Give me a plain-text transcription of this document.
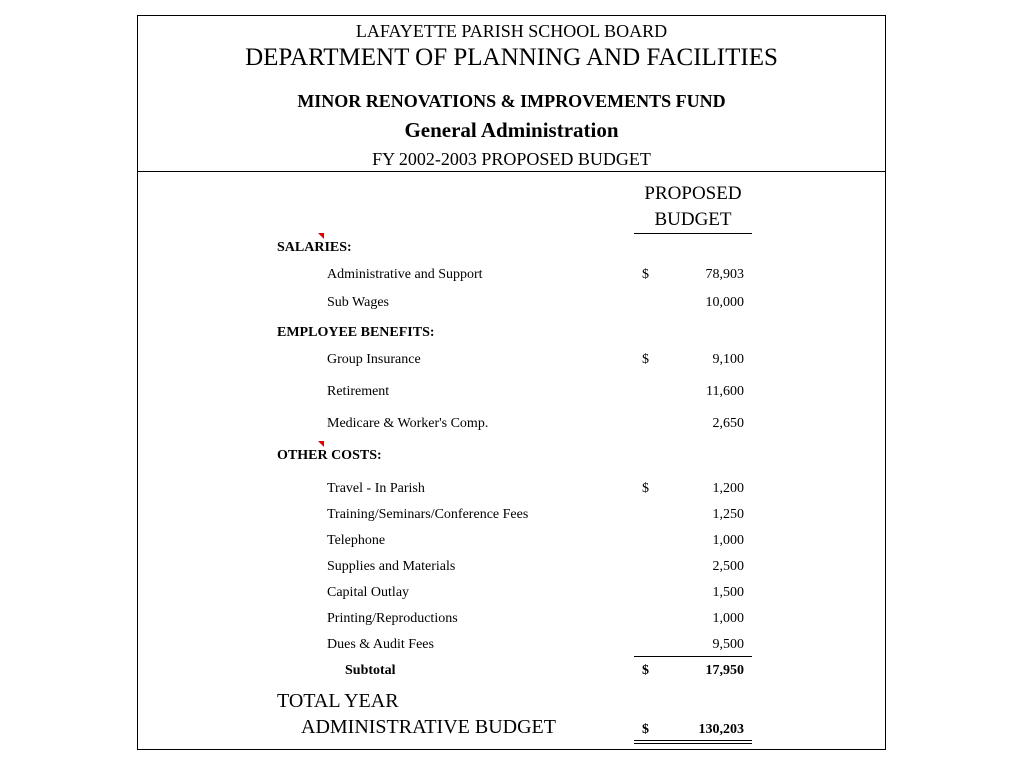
LAFAYETTE PARISH SCHOOL BOARD
DEPARTMENT OF PLANNING AND FACILITIES
MINOR RENOVATIONS & IMPROVEMENTS FUND
General Administration
FY 2002-2003 PROPOSED BUDGET
PROPOSED
BUDGET
SALARIES:
Administrative and Support	$	78,903
Sub Wages	10,000
EMPLOYEE BENEFITS:
Group Insurance	$	9,100
Retirement	11,600
Medicare & Worker's Comp.	2,650
OTHER COSTS:
Travel - In Parish	$	1,200
Training/Seminars/Conference Fees	1,250
Telephone	1,000
Supplies and Materials	2,500
Capital Outlay	1,500
Printing/Reproductions	1,000
Dues & Audit Fees	9,500
Subtotal	$	17,950
TOTAL YEAR
ADMINISTRATIVE BUDGET	$	130,203
